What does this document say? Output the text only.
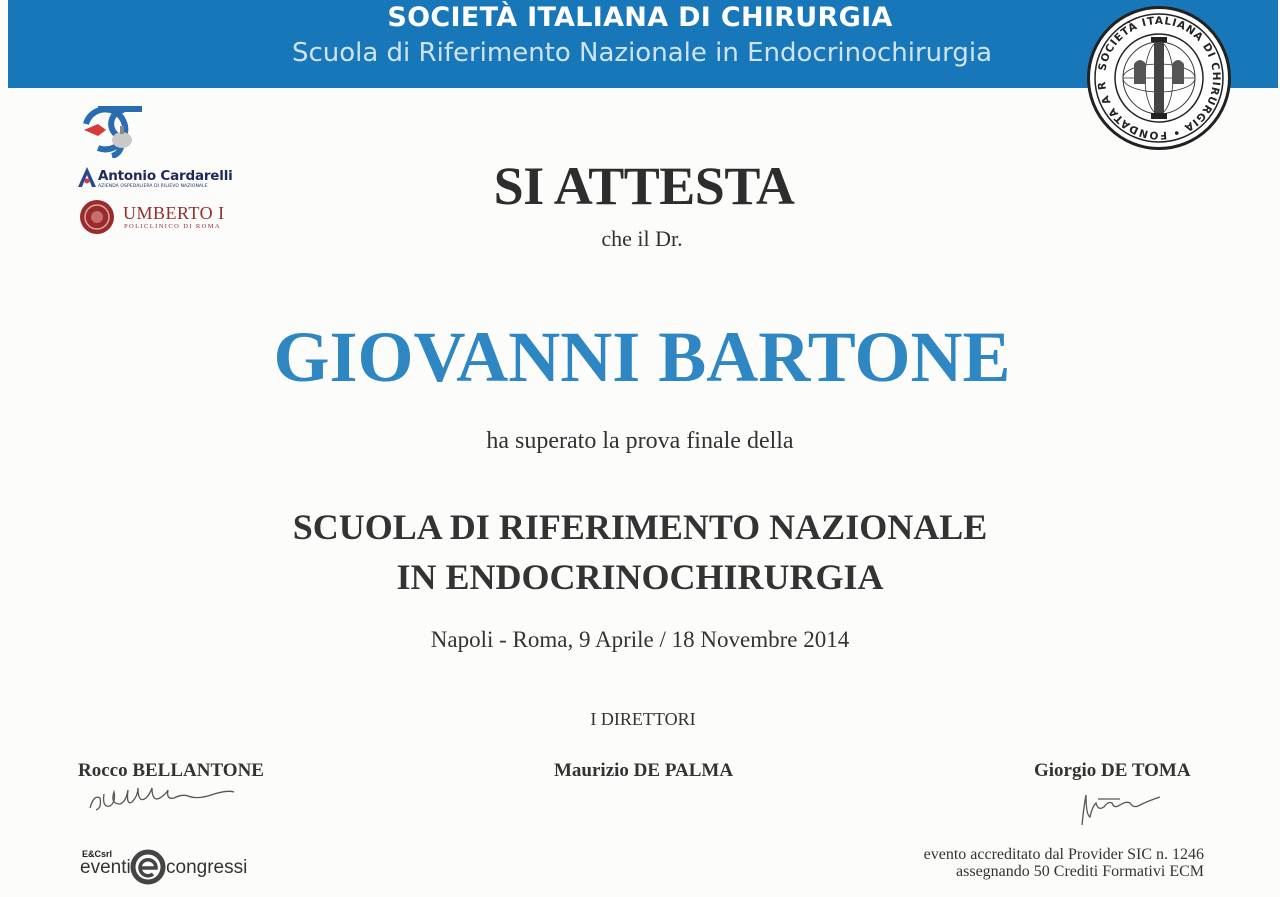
SOCIETÀ ITALIANA DI CHIRURGIA
Scuola di Riferimento Nazionale in Endocrinochirurgia	SOCIETÀ ITALIANA DI CHIRURGIA • FONDATA A R
Antonio Cardarelli
AZIENDA OSPEDALIERA DI RILIEVO NAZIONALE
UMBERTO I
POLICLINICO DI ROMA
SI ATTESTA
che il Dr.
GIOVANNI BARTONE
ha superato la prova finale della
SCUOLA DI RIFERIMENTO NAZIONALE
IN ENDOCRINOCHIRURGIA
Napoli - Roma, 9 Aprile / 18 Novembre 2014
I DIRETTORI
Rocco BELLANTONE	Maurizio DE PALMA	Giorgio DE TOMA
E&Csrl
eventi congressi
evento accreditato dal Provider SIC n. 1246
assegnando 50 Crediti Formativi ECM
